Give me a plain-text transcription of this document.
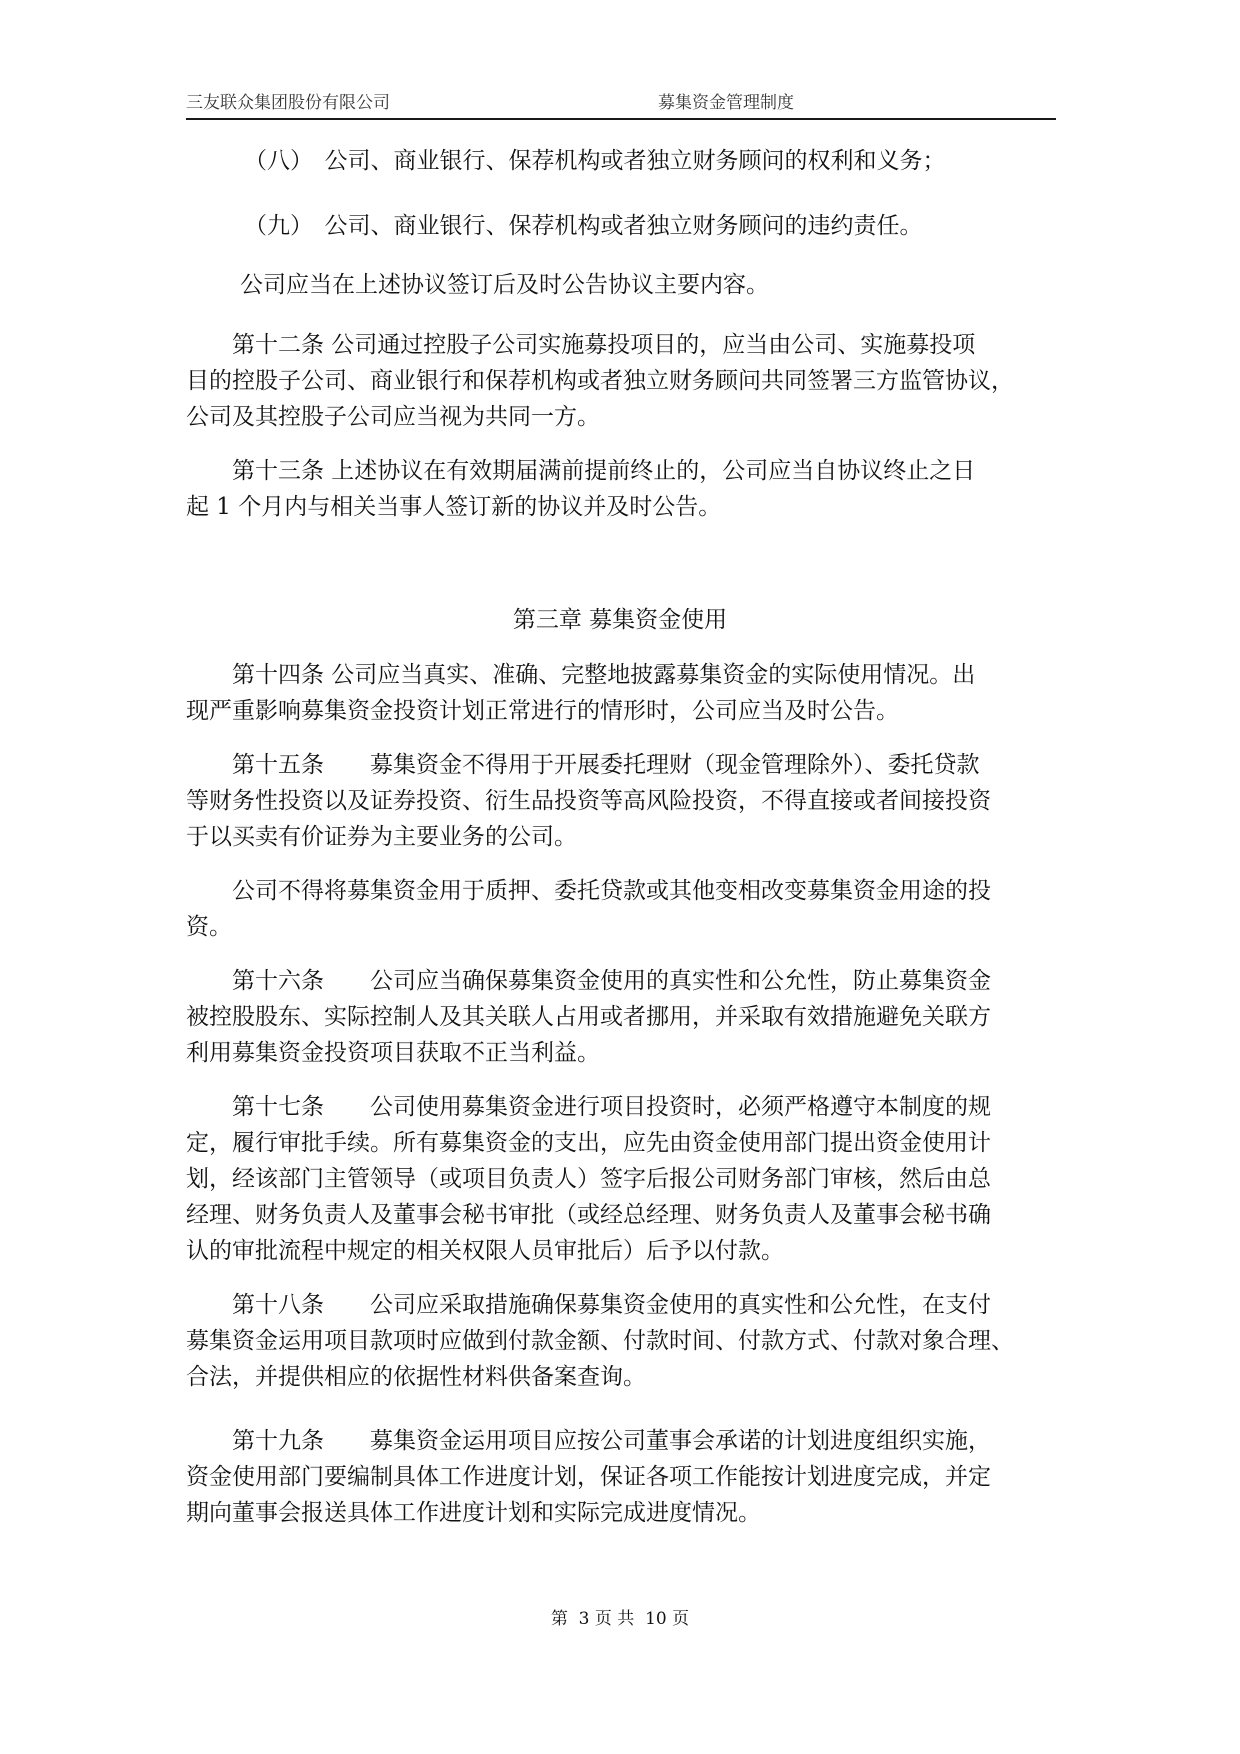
三友联众集团股份有限公司	募集资金管理制度
（八）　公司、商业银行、保荐机构或者独立财务顾问的权利和义务；
（九）　公司、商业银行、保荐机构或者独立财务顾问的违约责任。
公司应当在上述协议签订后及时公告协议主要内容。
第十二条 公司通过控股子公司实施募投项目的，应当由公司、实施募投项
目的控股子公司、商业银行和保荐机构或者独立财务顾问共同签署三方监管协议，
公司及其控股子公司应当视为共同一方。
第十三条 上述协议在有效期届满前提前终止的，公司应当自协议终止之日
起 1 个月内与相关当事人签订新的协议并及时公告。
第三章 募集资金使用
第十四条 公司应当真实、准确、完整地披露募集资金的实际使用情况。出
现严重影响募集资金投资计划正常进行的情形时，公司应当及时公告。
第十五条　　募集资金不得用于开展委托理财（现金管理除外）、委托贷款
等财务性投资以及证券投资、衍生品投资等高风险投资，不得直接或者间接投资
于以买卖有价证券为主要业务的公司。
公司不得将募集资金用于质押、委托贷款或其他变相改变募集资金用途的投
资。
第十六条　　公司应当确保募集资金使用的真实性和公允性，防止募集资金
被控股股东、实际控制人及其关联人占用或者挪用，并采取有效措施避免关联方
利用募集资金投资项目获取不正当利益。
第十七条　　公司使用募集资金进行项目投资时，必须严格遵守本制度的规
定，履行审批手续。所有募集资金的支出，应先由资金使用部门提出资金使用计
划，经该部门主管领导（或项目负责人）签字后报公司财务部门审核，然后由总
经理、财务负责人及董事会秘书审批（或经总经理、财务负责人及董事会秘书确
认的审批流程中规定的相关权限人员审批后）后予以付款。
第十八条　　公司应采取措施确保募集资金使用的真实性和公允性，在支付
募集资金运用项目款项时应做到付款金额、付款时间、付款方式、付款对象合理、
合法，并提供相应的依据性材料供备案查询。
第十九条　　募集资金运用项目应按公司董事会承诺的计划进度组织实施，
资金使用部门要编制具体工作进度计划，保证各项工作能按计划进度完成，并定
期向董事会报送具体工作进度计划和实际完成进度情况。
第  3 页 共  10 页
